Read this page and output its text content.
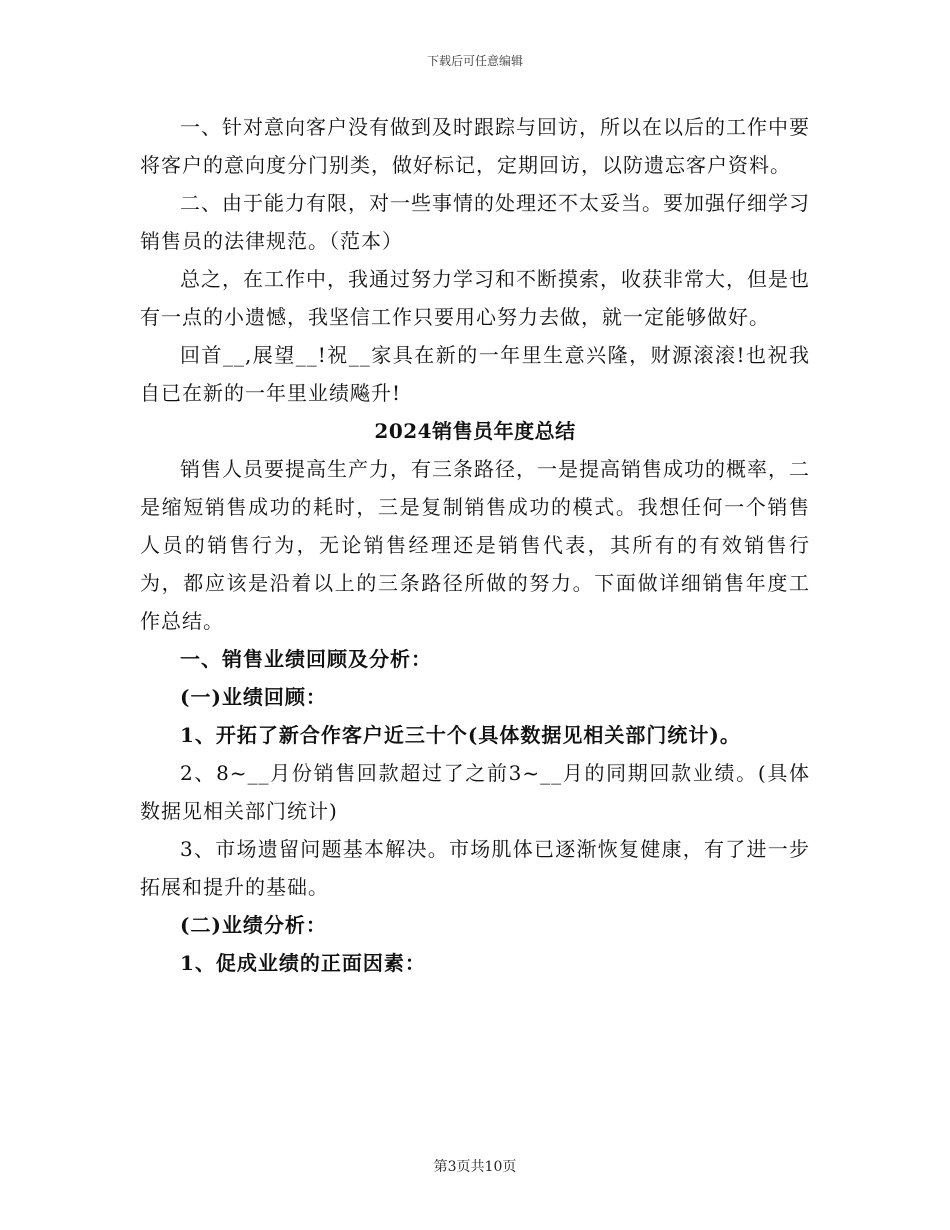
下载后可任意编辑

一、针对意向客户没有做到及时跟踪与回访，所以在以后的工作中要将客户的意向度分门别类，做好标记，定期回访，以防遗忘客户资料。

二、由于能力有限，对一些事情的处理还不太妥当。要加强仔细学习销售员的法律规范。（范本）

总之，在工作中，我通过努力学习和不断摸索，收获非常大，但是也有一点的小遗憾，我坚信工作只要用心努力去做，就一定能够做好。

回首__,展望__!祝__家具在新的一年里生意兴隆，财源滚滚!也祝我自已在新的一年里业绩飚升!

2024销售员年度总结

销售人员要提高生产力，有三条路径，一是提高销售成功的概率，二是缩短销售成功的耗时，三是复制销售成功的模式。我想任何一个销售人员的销售行为，无论销售经理还是销售代表，其所有的有效销售行为，都应该是沿着以上的三条路径所做的努力。下面做详细销售年度工作总结。

一、销售业绩回顾及分析：

(一)业绩回顾：

1、开拓了新合作客户近三十个(具体数据见相关部门统计)。

2、8~__月份销售回款超过了之前3~__月的同期回款业绩。(具体数据见相关部门统计)

3、市场遗留问题基本解决。市场肌体已逐渐恢复健康，有了进一步拓展和提升的基础。

(二)业绩分析：

1、促成业绩的正面因素：

第3页共10页
